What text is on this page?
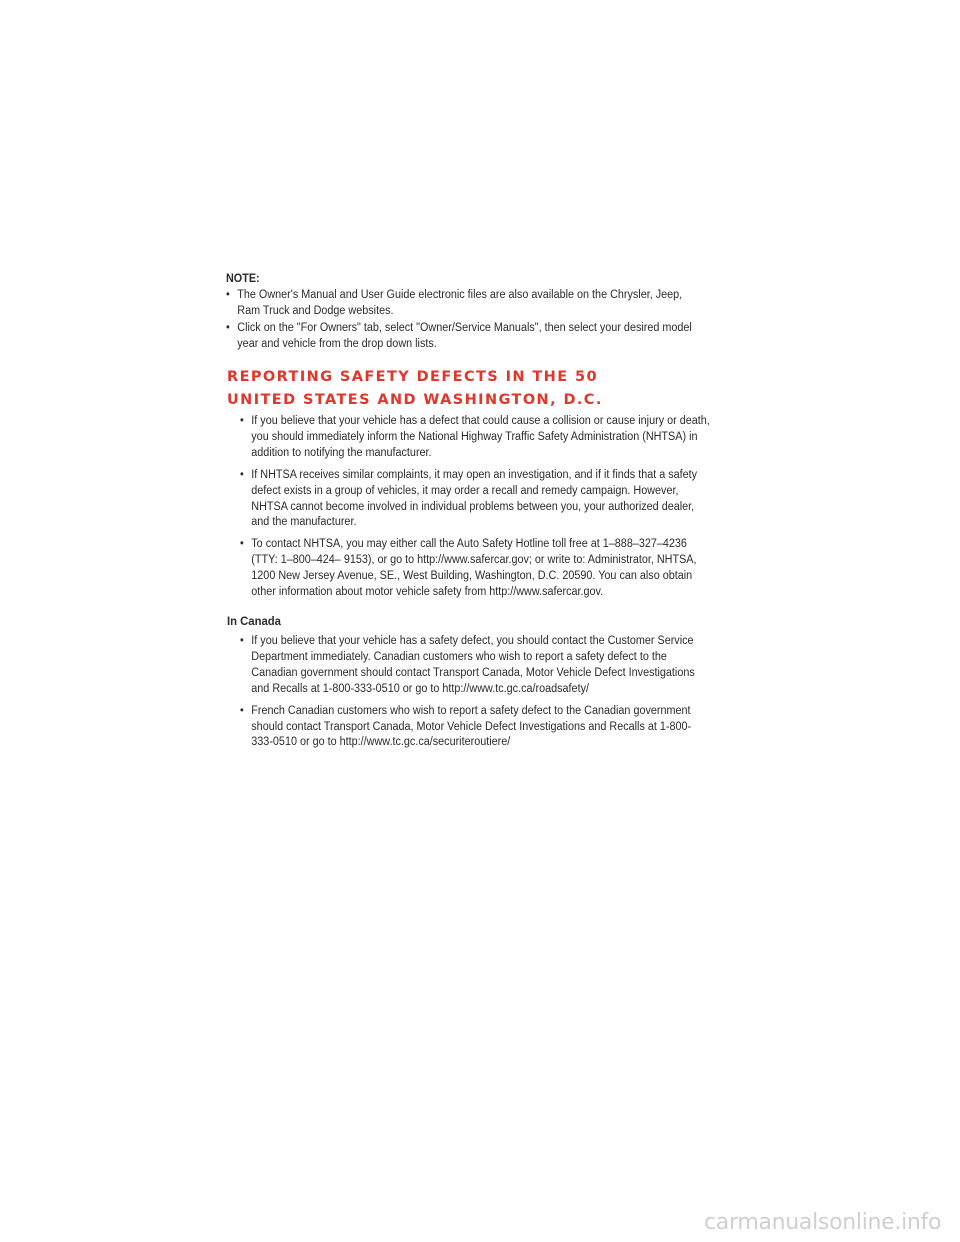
NOTE:

• The Owner's Manual and User Guide electronic files are also available on the Chrysler, Jeep, Ram Truck and Dodge websites.
• Click on the "For Owners" tab, select "Owner/Service Manuals", then select your desired model year and vehicle from the drop down lists.
REPORTING SAFETY DEFECTS IN THE 50
UNITED STATES AND WASHINGTON, D.C.
• If you believe that your vehicle has a defect that could cause a collision or cause injury or death, you should immediately inform the National Highway Traffic Safety Administration (NHTSA) in addition to notifying the manufacturer.
• If NHTSA receives similar complaints, it may open an investigation, and if it finds that a safety defect exists in a group of vehicles, it may order a recall and remedy campaign. However, NHTSA cannot become involved in individual problems between you, your authorized dealer, and the manufacturer.
• To contact NHTSA, you may either call the Auto Safety Hotline toll free at 1–888–327–4236 (TTY: 1–800–424– 9153), or go to http://www.safercar.gov; or write to: Administrator, NHTSA, 1200 New Jersey Avenue, SE., West Building, Washington, D.C. 20590. You can also obtain other information about motor vehicle safety from http://www.safercar.gov.
In Canada
• If you believe that your vehicle has a safety defect, you should contact the Customer Service Department immediately. Canadian customers who wish to report a safety defect to the Canadian government should contact Transport Canada, Motor Vehicle Defect Investigations and Recalls at 1-800-333-0510 or go to http://www.tc.gc.ca/roadsafety/
• French Canadian customers who wish to report a safety defect to the Canadian government should contact Transport Canada, Motor Vehicle Defect Investigations and Recalls at 1-800-333-0510 or go to http://www.tc.gc.ca/securiteroutiere/
carmanualsonline.info
